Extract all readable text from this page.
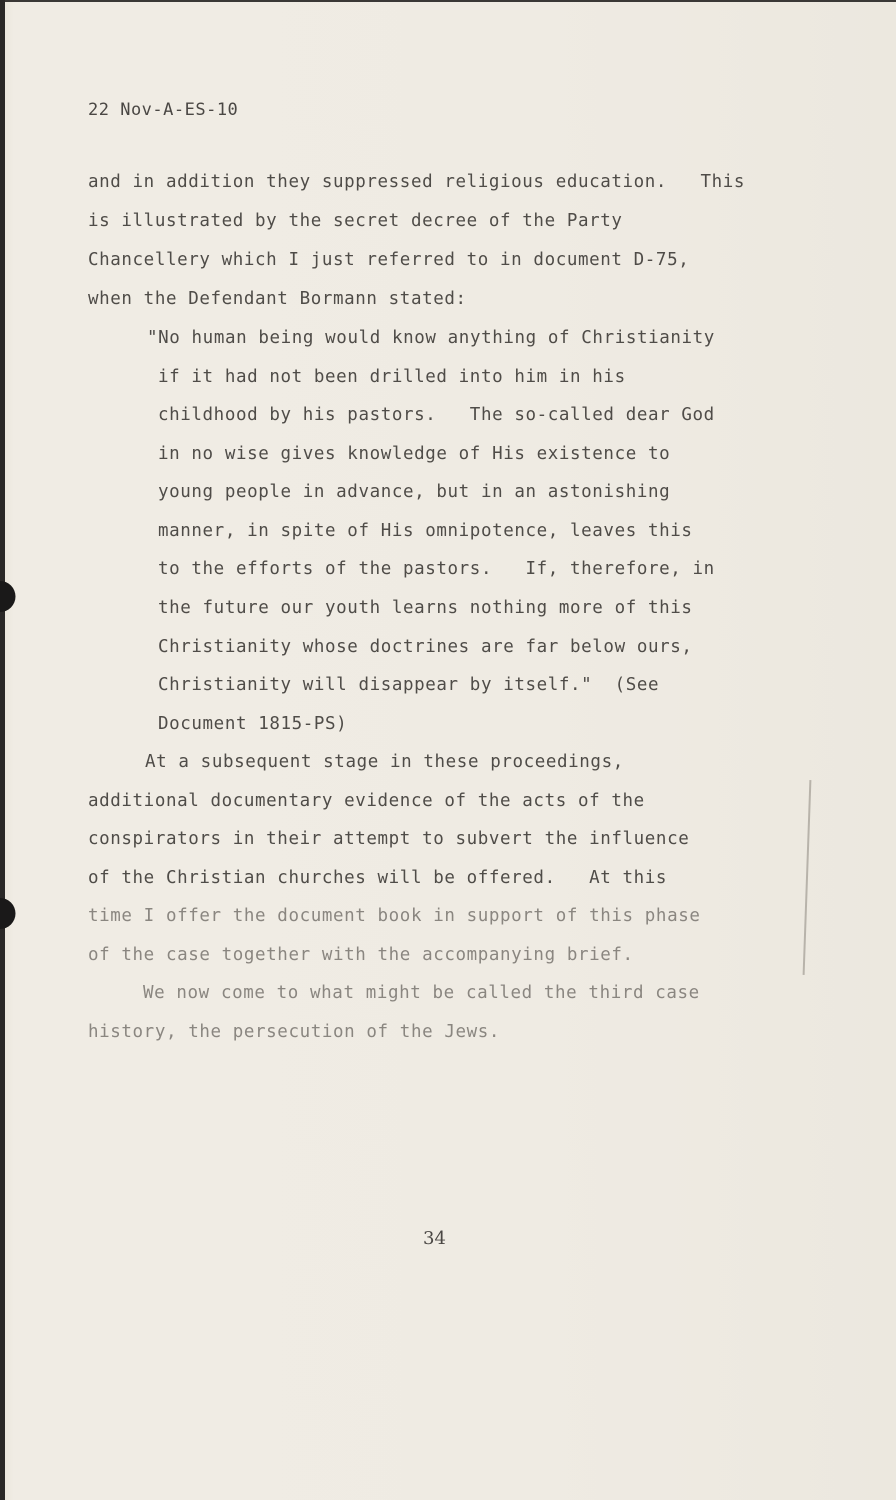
22 Nov-A-ES-10
and in addition they suppressed religious education.   This
is illustrated by the secret decree of the Party
Chancellery which I just referred to in document D-75,
when the Defendant Bormann stated:
"No human being would know anything of Christianity
if it had not been drilled into him in his
childhood by his pastors.   The so-called dear God
in no wise gives knowledge of His existence to
young people in advance, but in an astonishing
manner, in spite of His omnipotence, leaves this
to the efforts of the pastors.   If, therefore, in
the future our youth learns nothing more of this
Christianity whose doctrines are far below ours,
Christianity will disappear by itself."  (See
Document 1815-PS)
At a subsequent stage in these proceedings,
additional documentary evidence of the acts of the
conspirators in their attempt to subvert the influence
of the Christian churches will be offered.   At this
time I offer the document book in support of this phase
of the case together with the accompanying brief.
We now come to what might be called the third case
history, the persecution of the Jews.
34
